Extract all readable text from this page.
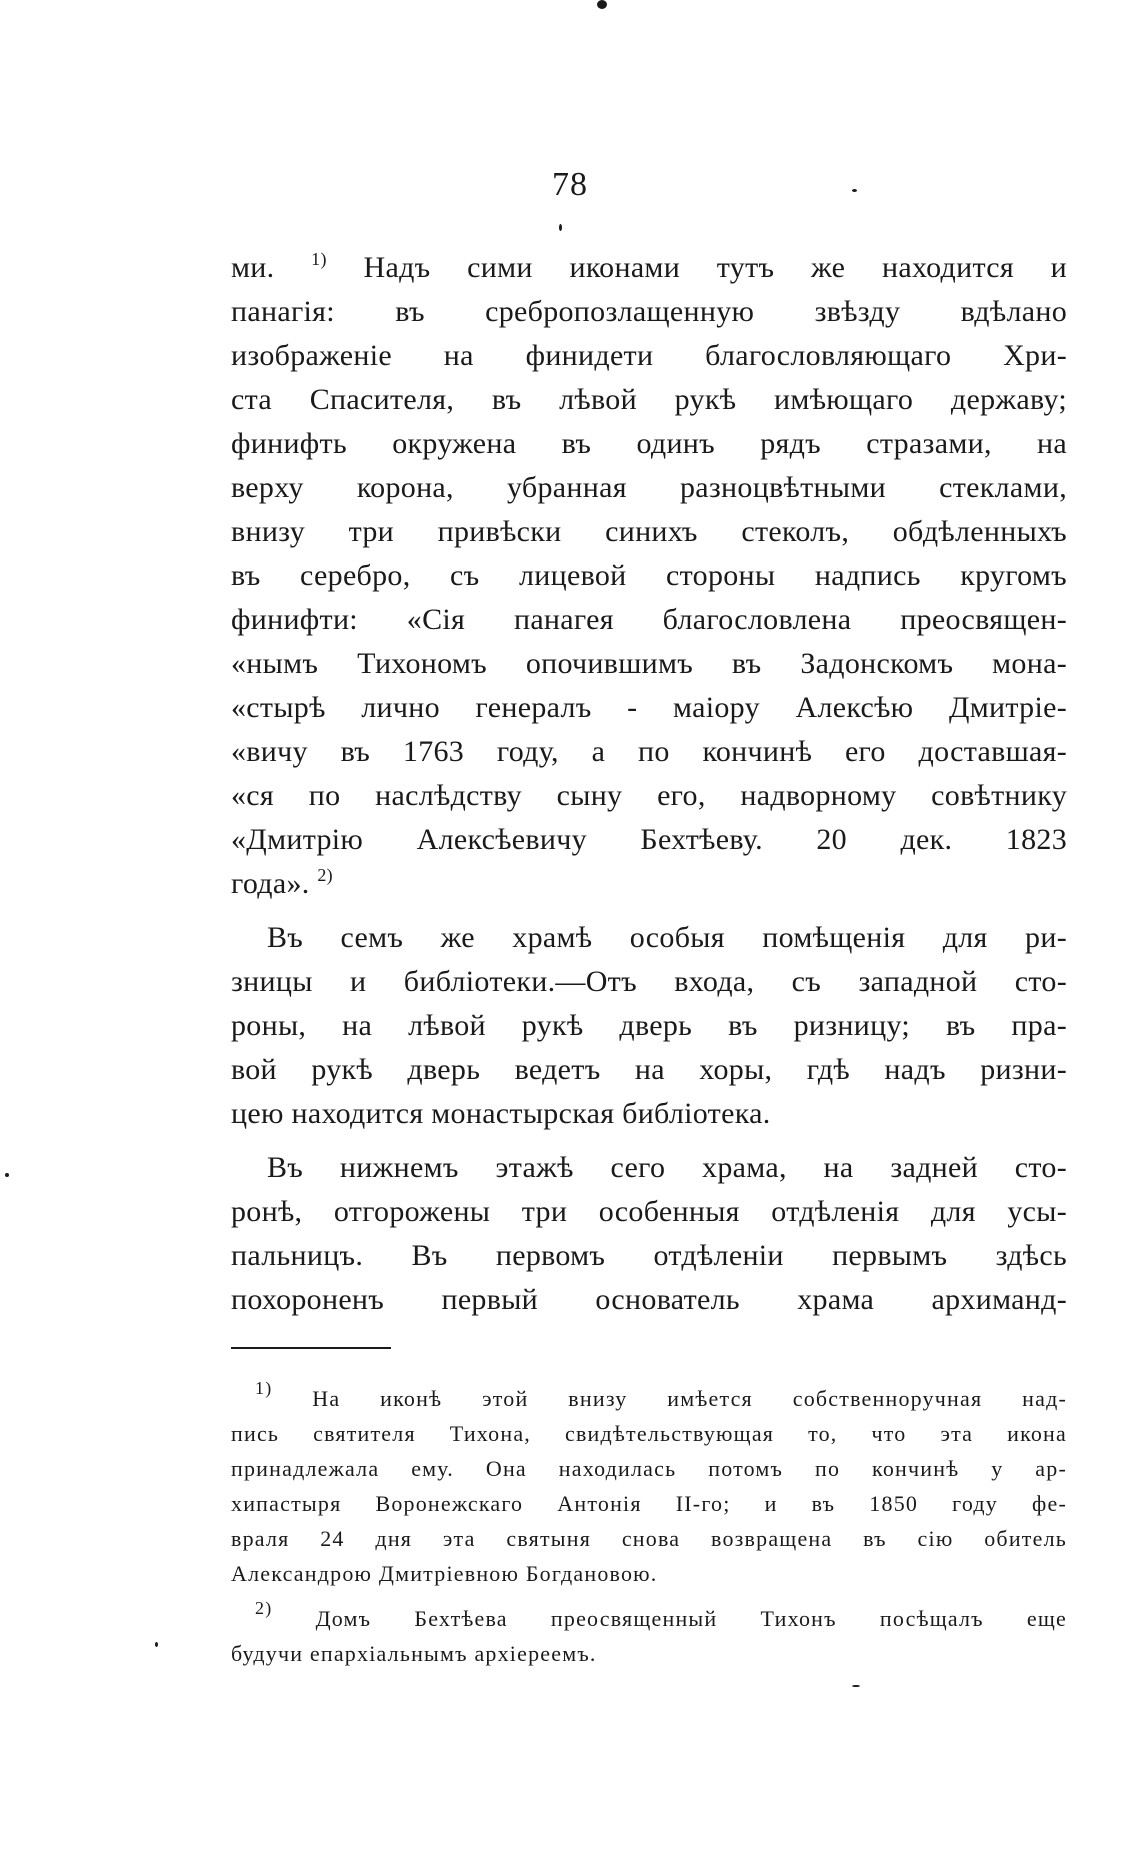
78
ми. $^{1)}$ Надъ сими иконами тутъ же находится и
панагія: въ сребропозлащенную звѣзду вдѣлано
изображеніе на финидети благословляющаго Хри-
ста Спасителя, въ лѣвой рукѣ имѣющаго державу;
финифть окружена въ одинъ рядъ стразами, на
верху корона, убранная разноцвѣтными стеклами,
внизу три привѣски синихъ стеколъ, обдѣленныхъ
въ серебро, съ лицевой стороны надпись кругомъ
финифти: «Сія панагея благословлена преосвящен-
«нымъ Тихономъ опочившимъ въ Задонскомъ мона-
«стырѣ лично генералъ - маіору Алексѣю Дмитріе-
«вичу въ 1763 году, а по кончинѣ его доставшая-
«ся по наслѣдству сыну его, надворному совѣтнику
«Дмитрію Алексѣевичу Бехтѣеву. 20 дек. 1823
года». $^{2)}$
Въ семъ же храмѣ особыя помѣщенія для ри-
зницы и библіотеки.—Отъ входа, съ западной сто-
роны, на лѣвой рукѣ дверь въ ризницу; въ пра-
вой рукѣ дверь ведетъ на хоры, гдѣ надъ ризни-
цею находится монастырская библіотека.
Въ нижнемъ этажѣ сего храма, на задней сто-
ронѣ, отгорожены три особенныя отдѣленія для усы-
пальницъ. Въ первомъ отдѣленіи первымъ здѣсь
похороненъ первый основатель храма архиманд-
$^{1)}$ На иконѣ этой внизу имѣется собственноручная над-
пись святителя Тихона, свидѣтельствующая то, что эта икона
принадлежала ему. Она находилась потомъ по кончинѣ у ар-
хипастыря Воронежскаго Антонія II-го; и въ 1850 году фе-
враля 24 дня эта святыня снова возвращена въ сію обитель
Александрою Дмитріевною Богдановою.
$^{2)}$ Домъ Бехтѣева преосвященный Тихонъ посѣщалъ еще
будучи епархіальнымъ архіереемъ.
